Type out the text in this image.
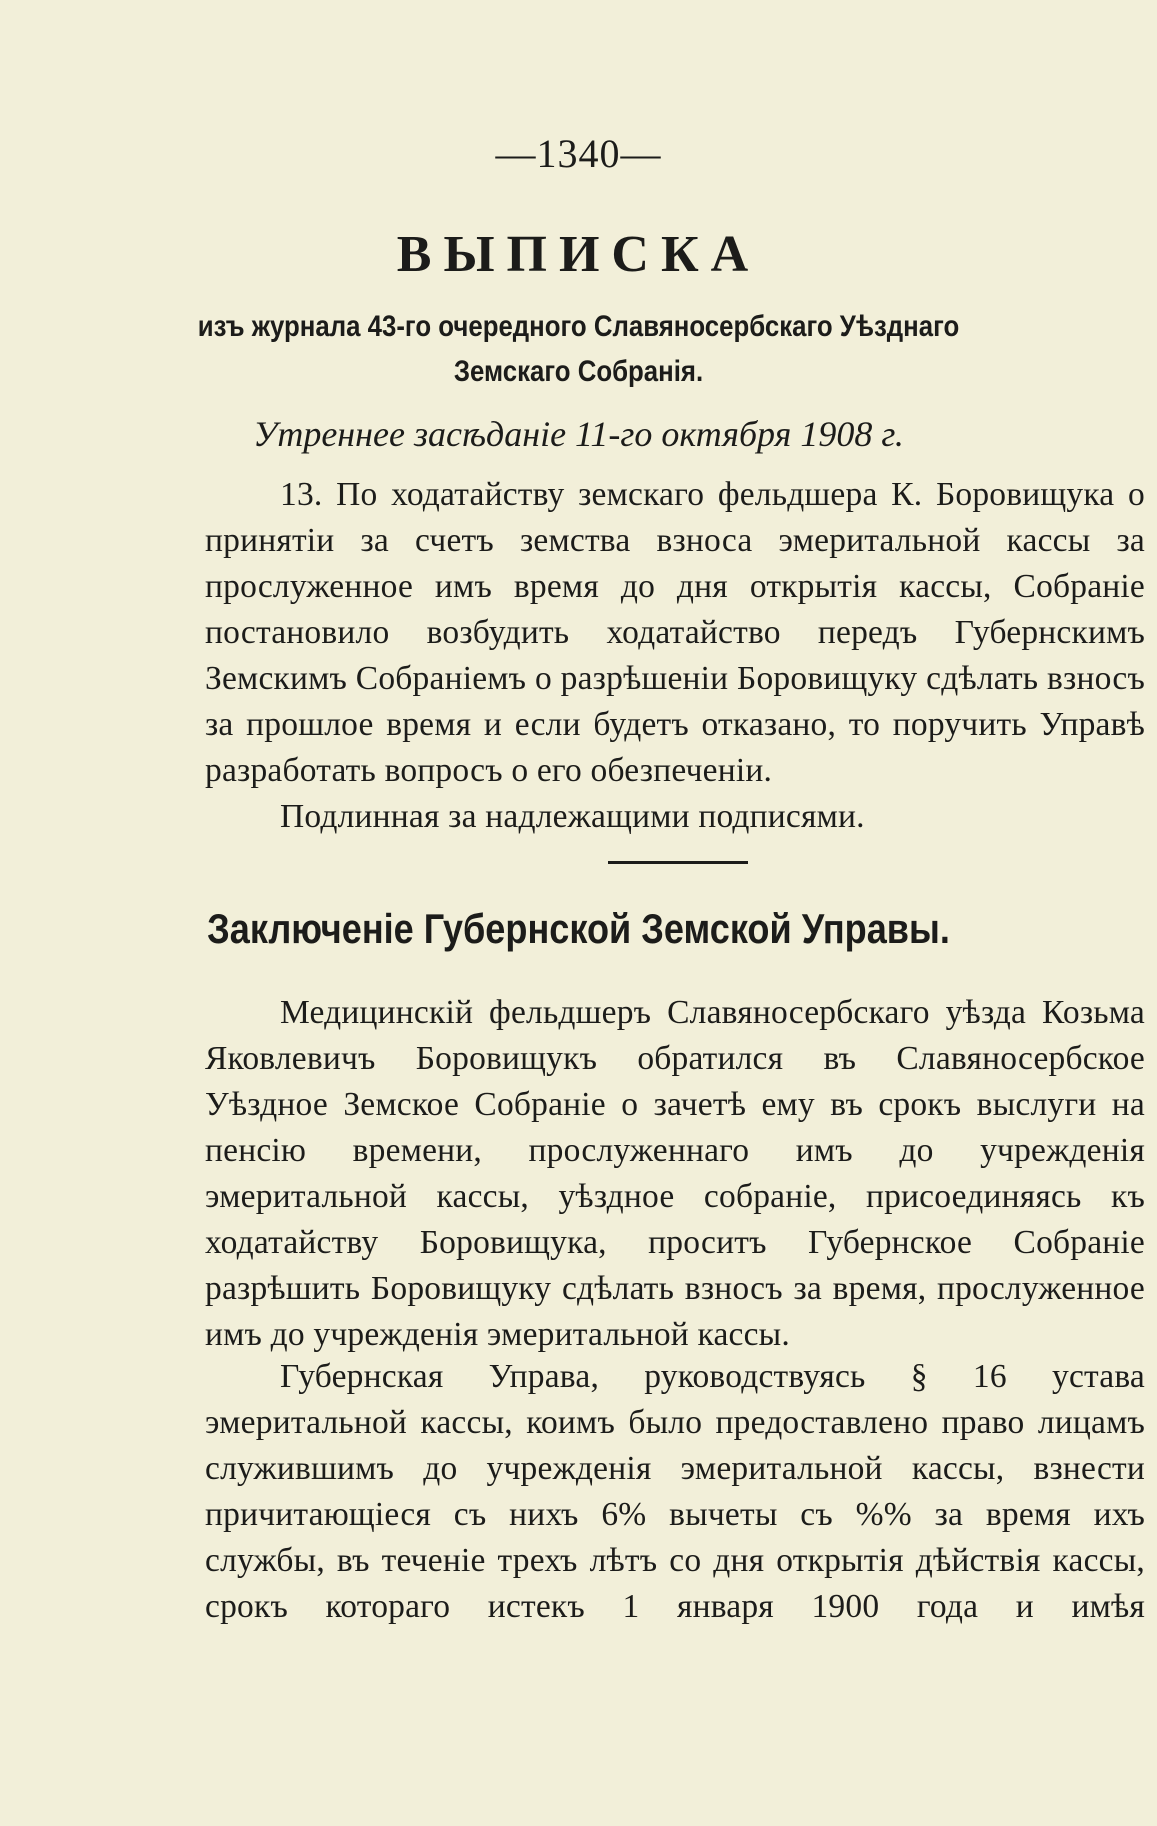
—1340—
ВЫПИСКА
изъ журнала 43-го очередного Славяносербскаго Уѣзднаго
Земскаго Собранія.
Утреннее засѣданіе 11-го октября 1908 г.

13. По ходатайству земскаго фельдшера К. Боровищука о принятіи за счетъ земства взноса эмеритальной кассы за прослуженное имъ время до дня открытія кассы, Собраніе постановило возбудить ходатайство передъ Губернскимъ Земскимъ Собраніемъ о разрѣшеніи Боровищуку сдѣлать взносъ за прошлое время и если будетъ отказано, то поручить Управѣ разработать вопросъ о его обезпеченіи.

Подлинная за надлежащими подписями.

Заключеніе Губернской Земской Управы.

Медицинскій фельдшеръ Славяносербскаго уѣзда Козьма Яковлевичъ Боровищукъ обратился въ Славяносербское Уѣздное Земское Собраніе о зачетѣ ему въ срокъ выслуги на пенсію времени, прослуженнаго имъ до учрежденія эмеритальной кассы, уѣздное собраніе, присоединяясь къ ходатайству Боровищука, проситъ Губернское Собраніе разрѣшить Боровищуку сдѣлать взносъ за время, прослуженное имъ до учрежденія эмеритальной кассы.

Губернская Управа, руководствуясь § 16 устава эмеритальной кассы, коимъ было предоставлено право лицамъ служившимъ до учрежденія эмеритальной кассы, взнести причитающіеся съ нихъ 6% вычеты съ %% за время ихъ службы, въ теченіе трехъ лѣтъ со дня открытія дѣйствія кассы, срокъ котораго истекъ 1 января 1900 года и имѣя
